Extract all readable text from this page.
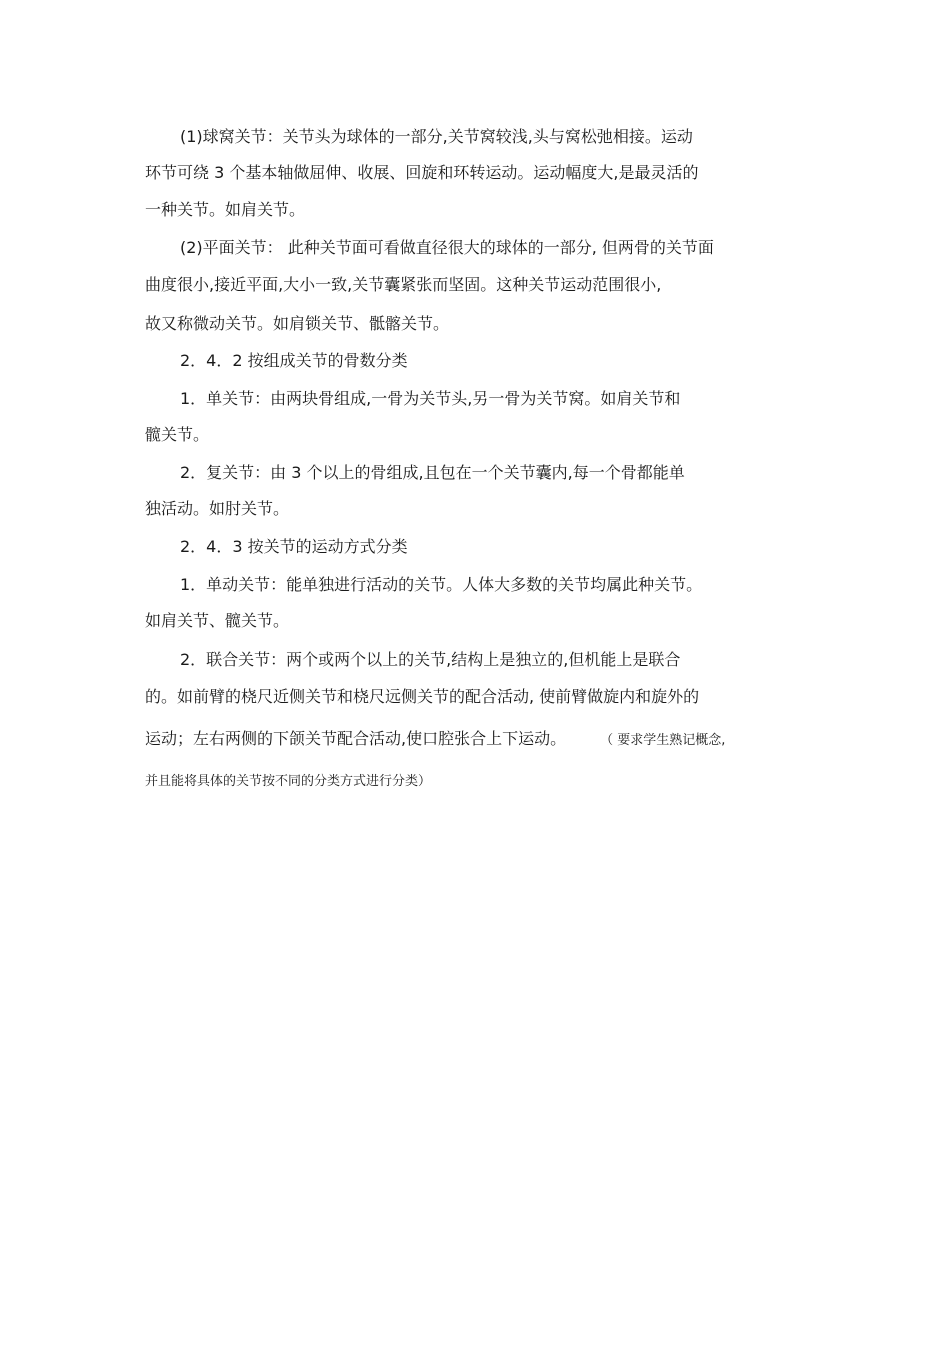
(1)球窝关节：关节头为球体的一部分,关节窝较浅,头与窝松弛相接。运动
环节可绕 3 个基本轴做屈伸、收展、回旋和环转运动。运动幅度大,是最灵活的
一种关节。如肩关节。
(2)平面关节： 此种关节面可看做直径很大的球体的一部分, 但两骨的关节面
曲度很小,接近平面,大小一致,关节囊紧张而坚固。这种关节运动范围很小,
故又称微动关节。如肩锁关节、骶髂关节。
2．4．2 按组成关节的骨数分类
1．单关节：由两块骨组成,一骨为关节头,另一骨为关节窝。如肩关节和
髋关节。
2．复关节：由 3 个以上的骨组成,且包在一个关节囊内,每一个骨都能单
独活动。如肘关节。
2．4．3 按关节的运动方式分类
1．单动关节：能单独进行活动的关节。人体大多数的关节均属此种关节。
如肩关节、髋关节。
2．联合关节：两个或两个以上的关节,结构上是独立的,但机能上是联合
的。如前臂的桡尺近侧关节和桡尺远侧关节的配合活动, 使前臂做旋内和旋外的
运动；左右两侧的下颌关节配合活动,使口腔张合上下运动。	（ 要求学生熟记概念,
并且能将具体的关节按不同的分类方式进行分类）
